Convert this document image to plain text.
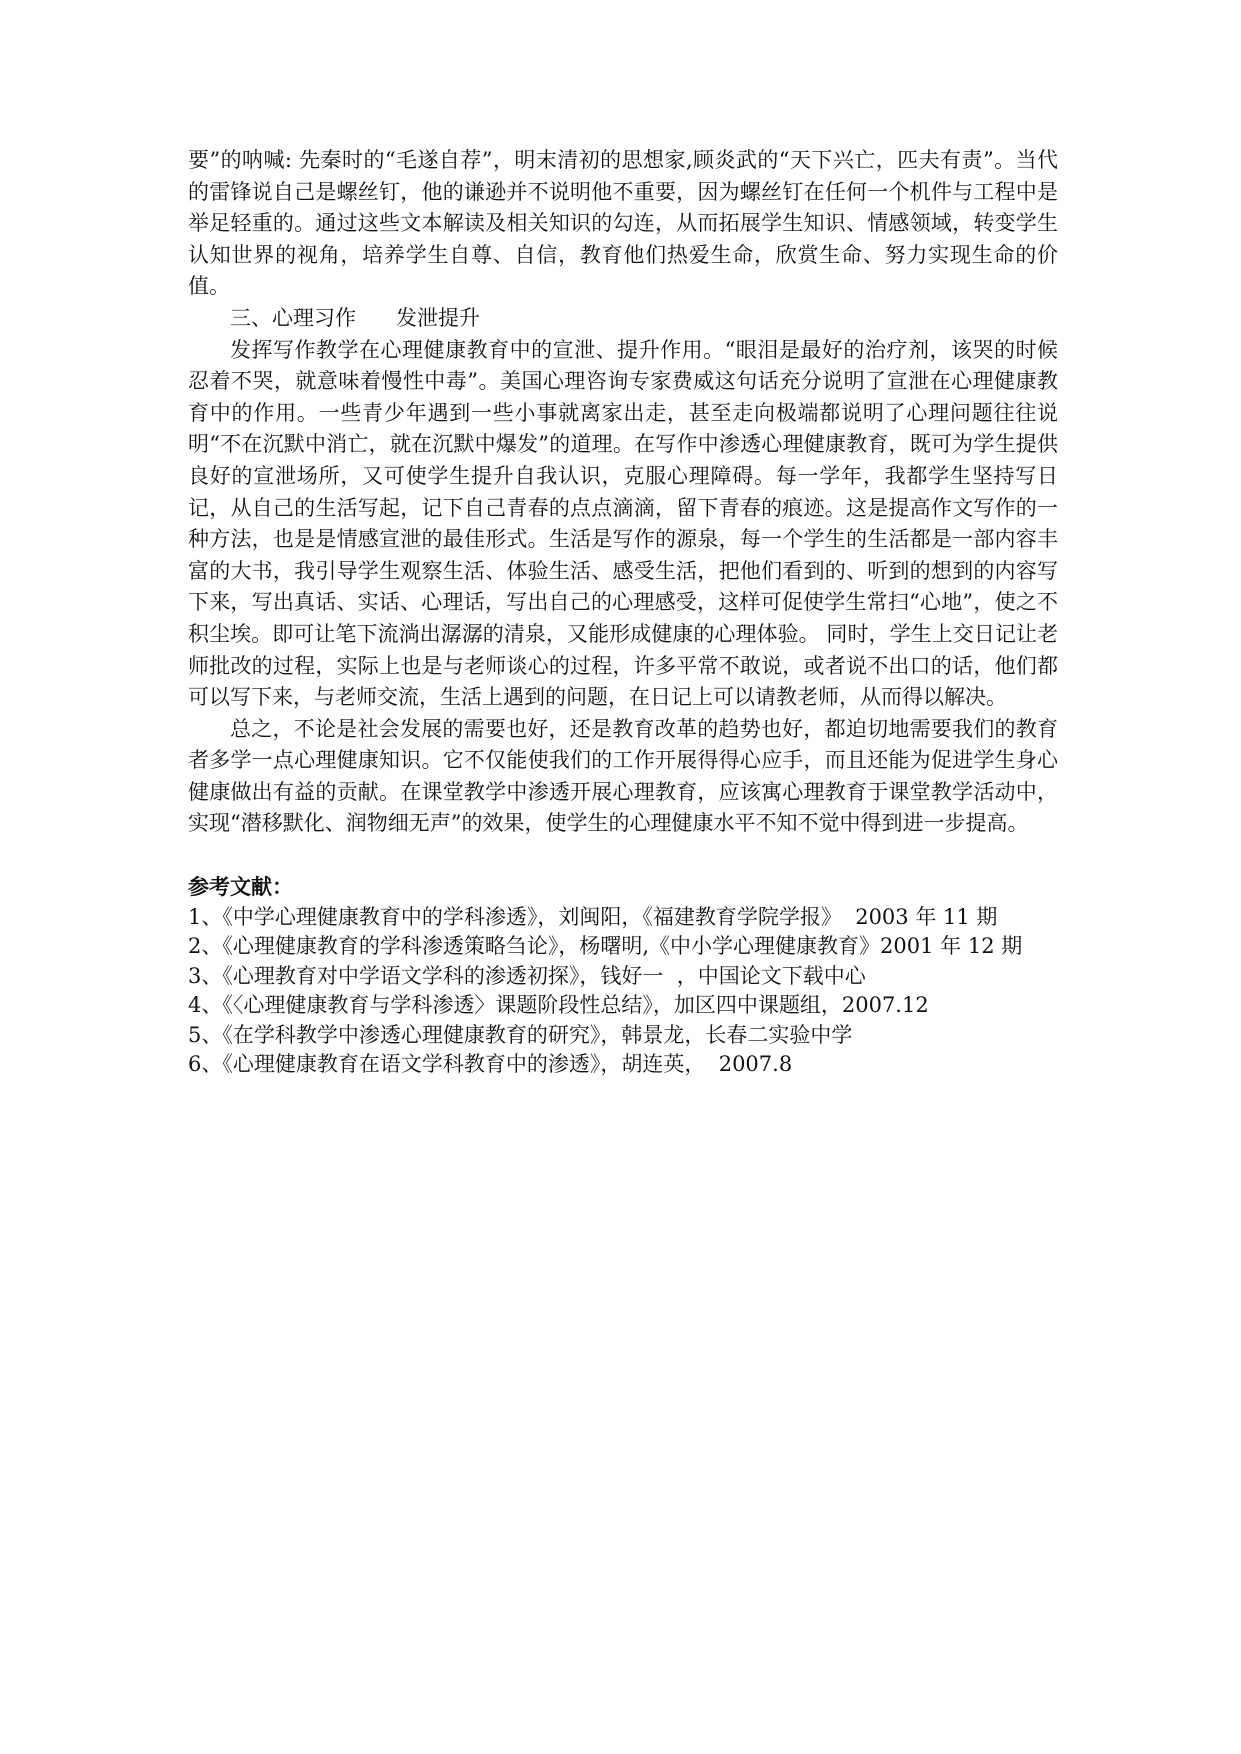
要”的呐喊: 先秦时的“毛遂自荐”，明末清初的思想家,顾炎武的“天下兴亡，匹夫有责”。当代的雷锋说自己是螺丝钉，他的谦逊并不说明他不重要，因为螺丝钉在任何一个机件与工程中是举足轻重的。通过这些文本解读及相关知识的勾连，从而拓展学生知识、情感领域，转变学生认知世界的视角，培养学生自尊、自信，教育他们热爱生命，欣赏生命、努力实现生命的价值。

三、心理习作      发泄提升

发挥写作教学在心理健康教育中的宣泄、提升作用。“眼泪是最好的治疗剂，该哭的时候忍着不哭，就意味着慢性中毒”。美国心理咨询专家费威这句话充分说明了宣泄在心理健康教育中的作用。一些青少年遇到一些小事就离家出走，甚至走向极端都说明了心理问题往往说明“不在沉默中消亡，就在沉默中爆发”的道理。在写作中渗透心理健康教育，既可为学生提供良好的宣泄场所，又可使学生提升自我认识，克服心理障碍。每一学年，我都学生坚持写日记，从自己的生活写起，记下自己青春的点点滴滴，留下青春的痕迹。这是提高作文写作的一种方法，也是是情感宣泄的最佳形式。生活是写作的源泉，每一个学生的生活都是一部内容丰富的大书，我引导学生观察生活、体验生活、感受生活，把他们看到的、听到的想到的内容写下来，写出真话、实话、心理话，写出自己的心理感受，这样可促使学生常扫“心地”，使之不积尘埃。即可让笔下流淌出潺潺的清泉，又能形成健康的心理体验。 同时，学生上交日记让老师批改的过程，实际上也是与老师谈心的过程，许多平常不敢说，或者说不出口的话，他们都可以写下来，与老师交流，生活上遇到的问题，在日记上可以请教老师，从而得以解决。

总之，不论是社会发展的需要也好，还是教育改革的趋势也好，都迫切地需要我们的教育者多学一点心理健康知识。它不仅能使我们的工作开展得得心应手，而且还能为促进学生身心健康做出有益的贡献。在课堂教学中渗透开展心理教育，应该寓心理教育于课堂教学活动中，实现“潜移默化、润物细无声”的效果，使学生的心理健康水平不知不觉中得到进一步提高。

参考文献：

1、《中学心理健康教育中的学科渗透》，刘闽阳，《福建教育学院学报》  2003 年 11 期
2、《心理健康教育的学科渗透策略刍论》，杨曙明,《中小学心理健康教育》2001 年 12 期
3、《心理教育对中学语文学科的渗透初探》，钱好一  ，中国论文下载中心
4、《〈心理健康教育与学科渗透〉课题阶段性总结》，加区四中课题组，2007.12
5、《在学科教学中渗透心理健康教育的研究》，韩景龙，长春二实验中学
6、《心理健康教育在语文学科教育中的渗透》，胡连英，  2007.8
